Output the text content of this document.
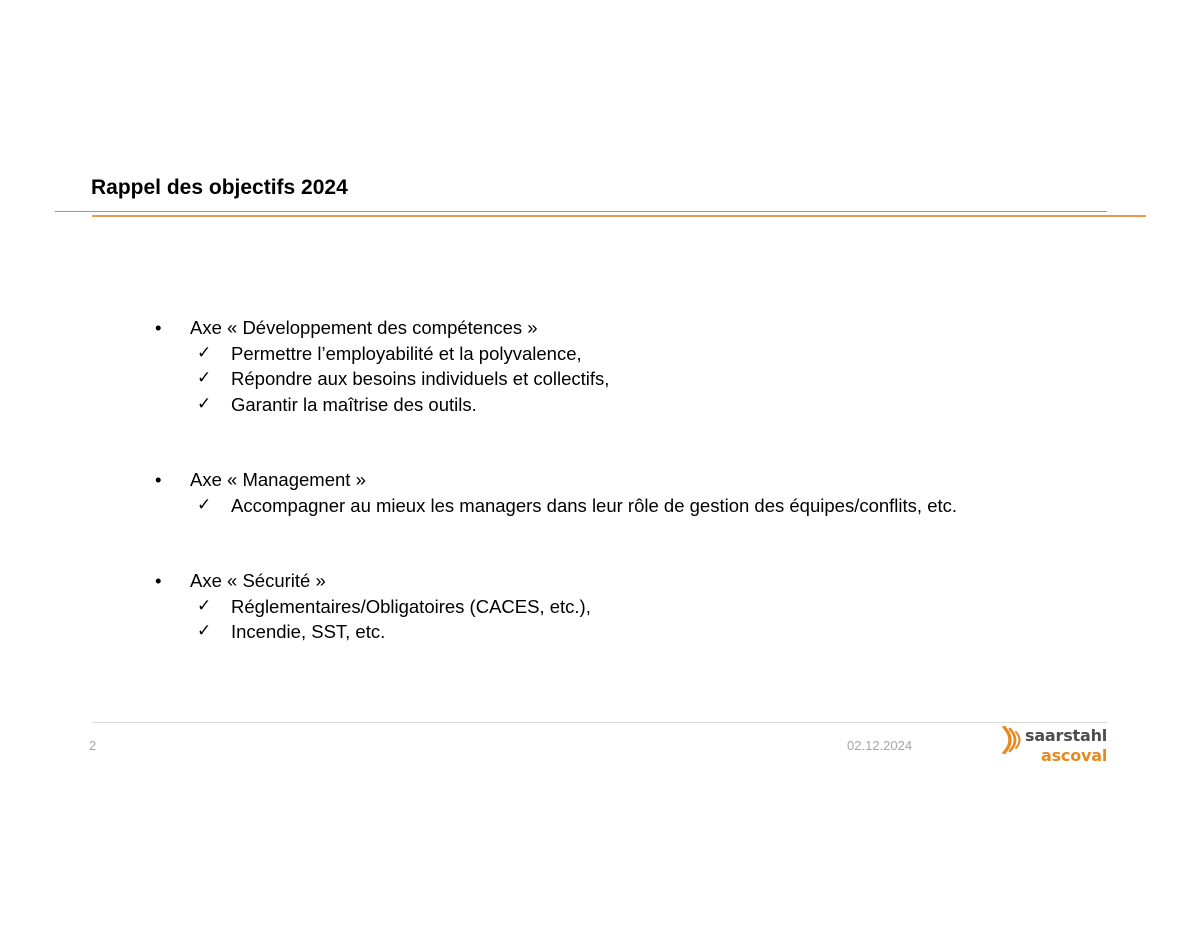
Rappel des objectifs 2024
• Axe « Développement des compétences »
✓ Permettre l’employabilité et la polyvalence,
✓ Répondre aux besoins individuels et collectifs,
✓ Garantir la maîtrise des outils.
• Axe « Management »
✓ Accompagner au mieux les managers dans leur rôle de gestion des équipes/conflits, etc.
• Axe « Sécurité »
✓ Réglementaires/Obligatoires (CACES, etc.),
✓ Incendie, SST, etc.
2	02.12.2024
saarstahl
ascoval
